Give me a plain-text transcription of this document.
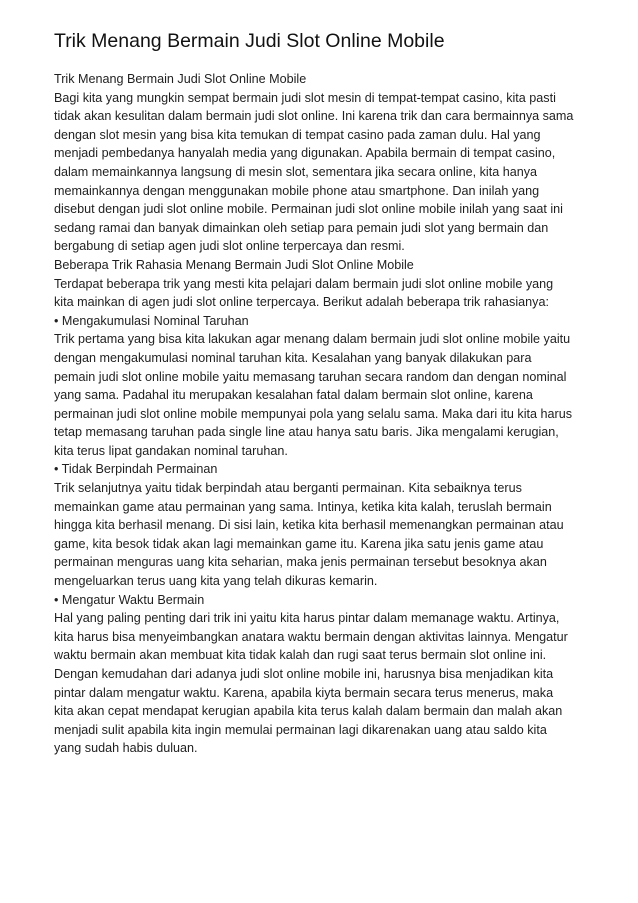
Trik Menang Bermain Judi Slot Online Mobile

Trik Menang Bermain Judi Slot Online Mobile

Bagi kita yang mungkin sempat bermain judi slot mesin di tempat-tempat casino, kita pasti

tidak akan kesulitan dalam bermain judi slot online. Ini karena trik dan cara bermainnya sama

dengan slot mesin yang bisa kita temukan di tempat casino pada zaman dulu. Hal yang

menjadi pembedanya hanyalah media yang digunakan. Apabila bermain di tempat casino,

dalam memainkannya langsung di mesin slot, sementara jika secara online, kita hanya

memainkannya dengan menggunakan mobile phone atau smartphone. Dan inilah yang

disebut dengan judi slot online mobile. Permainan judi slot online mobile inilah yang saat ini

sedang ramai dan banyak dimainkan oleh setiap para pemain judi slot yang bermain dan

bergabung di setiap agen judi slot online terpercaya dan resmi.

Beberapa Trik Rahasia Menang Bermain Judi Slot Online Mobile

Terdapat beberapa trik yang mesti kita pelajari dalam bermain judi slot online mobile yang

kita mainkan di agen judi slot online terpercaya. Berikut adalah beberapa trik rahasianya:

• Mengakumulasi Nominal Taruhan

Trik pertama yang bisa kita lakukan agar menang dalam bermain judi slot online mobile yaitu

dengan mengakumulasi nominal taruhan kita. Kesalahan yang banyak dilakukan para

pemain judi slot online mobile yaitu memasang taruhan secara random dan dengan nominal

yang sama. Padahal itu merupakan kesalahan fatal dalam bermain slot online, karena

permainan judi slot online mobile mempunyai pola yang selalu sama. Maka dari itu kita harus

tetap memasang taruhan pada single line atau hanya satu baris. Jika mengalami kerugian,

kita terus lipat gandakan nominal taruhan.

• Tidak Berpindah Permainan

Trik selanjutnya yaitu tidak berpindah atau berganti permainan. Kita sebaiknya terus

memainkan game atau permainan yang sama. Intinya, ketika kita kalah, teruslah bermain

hingga kita berhasil menang. Di sisi lain, ketika kita berhasil memenangkan permainan atau

game, kita besok tidak akan lagi memainkan game itu. Karena jika satu jenis game atau

permainan menguras uang kita seharian, maka jenis permainan tersebut besoknya akan

mengeluarkan terus uang kita yang telah dikuras kemarin.

• Mengatur Waktu Bermain

Hal yang paling penting dari trik ini yaitu kita harus pintar dalam memanage waktu. Artinya,

kita harus bisa menyeimbangkan anatara waktu bermain dengan aktivitas lainnya. Mengatur

waktu bermain akan membuat kita tidak kalah dan rugi saat terus bermain slot online ini.

Dengan kemudahan dari adanya judi slot online mobile ini, harusnya bisa menjadikan kita

pintar dalam mengatur waktu. Karena, apabila kiyta bermain secara terus menerus, maka

kita akan cepat mendapat kerugian apabila kita terus kalah dalam bermain dan malah akan

menjadi sulit apabila kita ingin memulai permainan lagi dikarenakan uang atau saldo kita

yang sudah habis duluan.
